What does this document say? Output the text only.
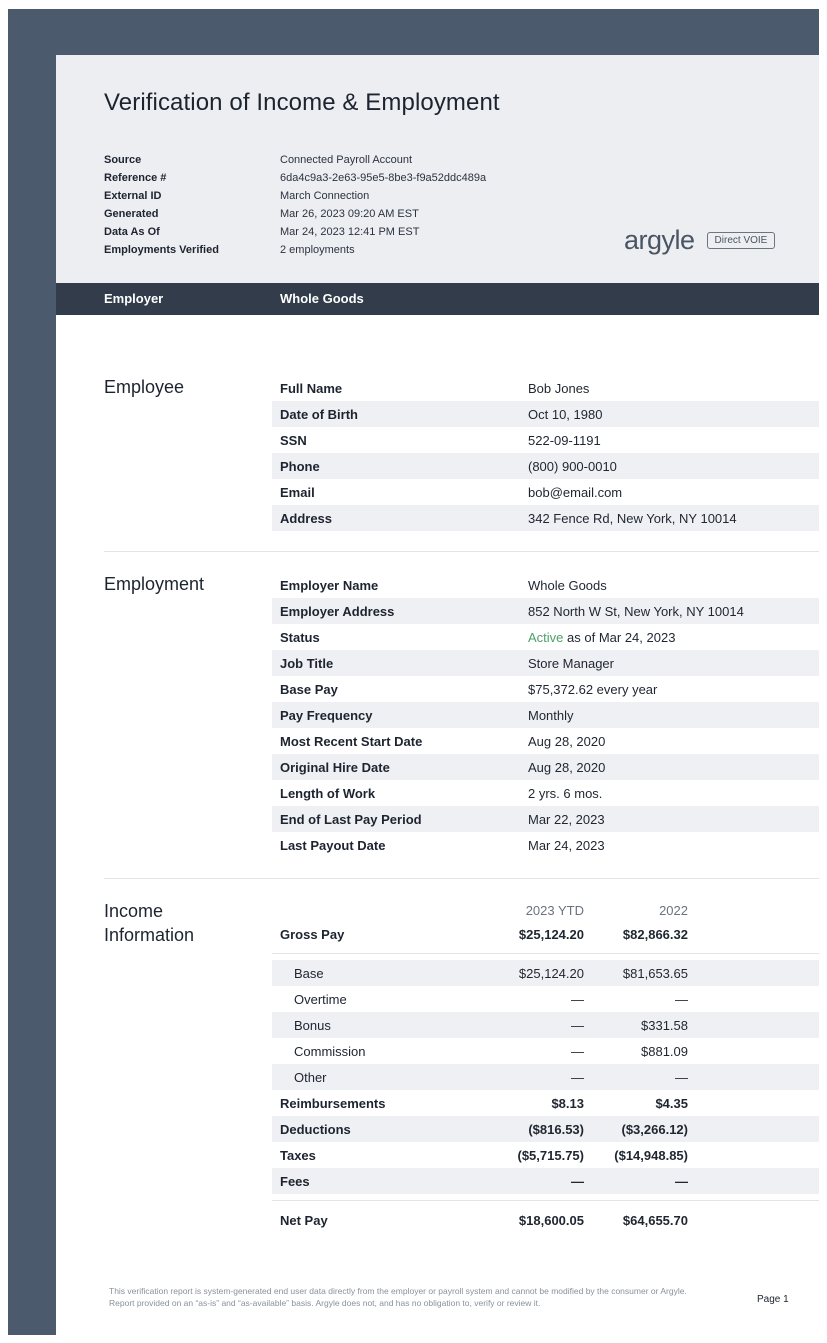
Verification of Income & Employment
Source	Connected Payroll Account
Reference #	6da4c9a3-2e63-95e5-8be3-f9a52ddc489a
External ID	March Connection
Generated	Mar 26, 2023 09:20 AM EST
Data As Of	Mar 24, 2023 12:41 PM EST
Employments Verified	2 employments	argyle	Direct VOIE
Employer	Whole Goods
Employee	Full Name	Bob Jones
Date of Birth	Oct 10, 1980
SSN	522-09-1191
Phone	(800) 900-0010
Email	bob@email.com
Address	342 Fence Rd, New York, NY 10014
Employment	Employer Name	Whole Goods
Employer Address	852 North W St, New York, NY 10014
Status	Active as of Mar 24, 2023
Job Title	Store Manager
Base Pay	$75,372.62 every year
Pay Frequency	Monthly
Most Recent Start Date	Aug 28, 2020
Original Hire Date	Aug 28, 2020
Length of Work	2 yrs. 6 mos.
End of Last Pay Period	Mar 22, 2023
Last Payout Date	Mar 24, 2023
Income
Information
2023 YTD	2022
Gross Pay	$25,124.20	$82,866.32
Base	$25,124.20	$81,653.65
Overtime	—	—
Bonus	—	$331.58
Commission	—	$881.09
Other	—	—
Reimbursements	$8.13	$4.35
Deductions	($816.53)	($3,266.12)
Taxes	($5,715.75) ($14,948.85)
Fees	—	—
Net Pay	$18,600.05	$64,655.70
This verification report is system-generated end user data directly from the employer or payroll system and cannot be modified by the consumer or Argyle. Report provided on an “as-is” and “as-available” basis. Argyle does not, and has no obligation to, verify or review it.	Page 1
